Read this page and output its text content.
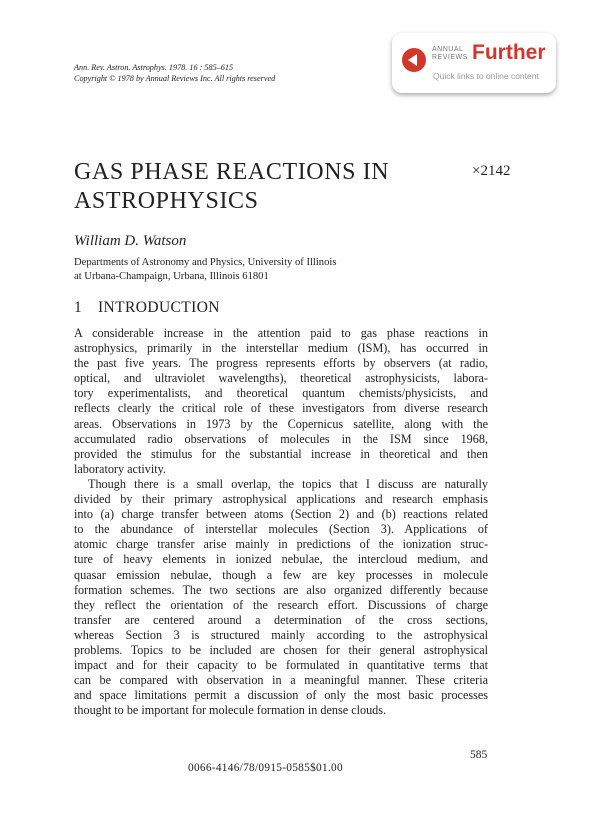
Ann. Rev. Astron. Astrophys. 1978. 16 : 585–615
Copyright © 1978 by Annual Reviews Inc. All rights reserved
ANNUAL
REVIEWS Further
Quick links to online content
GAS PHASE REACTIONS IN ASTROPHYSICS
×2142
William D. Watson
Departments of Astronomy and Physics, University of Illinois
at Urbana-Champaign, Urbana, Illinois 61801
1 INTRODUCTION
A considerable increase in the attention paid to gas phase reactions in
astrophysics, primarily in the interstellar medium (ISM), has occurred in
the past five years. The progress represents efforts by observers (at radio,
optical, and ultraviolet wavelengths), theoretical astrophysicists, labora-
tory experimentalists, and theoretical quantum chemists/physicists, and
reflects clearly the critical role of these investigators from diverse research
areas. Observations in 1973 by the Copernicus satellite, along with the
accumulated radio observations of molecules in the ISM since 1968,
provided the stimulus for the substantial increase in theoretical and then
laboratory activity.
Though there is a small overlap, the topics that I discuss are naturally
divided by their primary astrophysical applications and research emphasis
into (a) charge transfer between atoms (Section 2) and (b) reactions related
to the abundance of interstellar molecules (Section 3). Applications of
atomic charge transfer arise mainly in predictions of the ionization struc-
ture of heavy elements in ionized nebulae, the intercloud medium, and
quasar emission nebulae, though a few are key processes in molecule
formation schemes. The two sections are also organized differently because
they reflect the orientation of the research effort. Discussions of charge
transfer are centered around a determination of the cross sections,
whereas Section 3 is structured mainly according to the astrophysical
problems. Topics to be included are chosen for their general astrophysical
impact and for their capacity to be formulated in quantitative terms that
can be compared with observation in a meaningful manner. These criteria
and space limitations permit a discussion of only the most basic processes
thought to be important for molecule formation in dense clouds.
585
0066-4146/78/0915-0585$01.00
